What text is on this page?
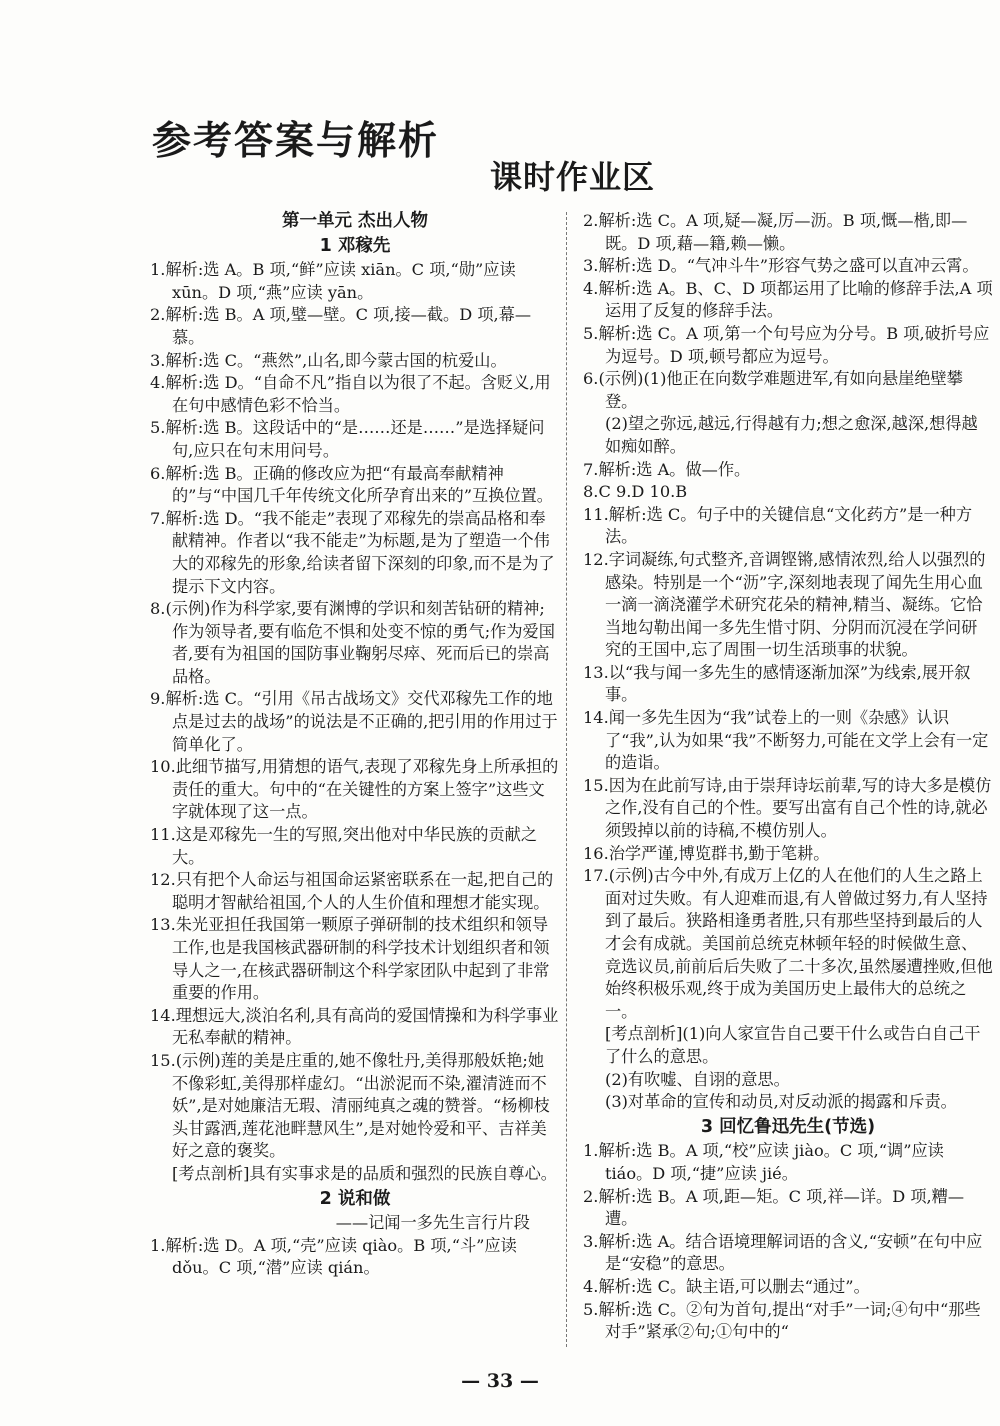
参考答案与解析
课时作业区
第一单元 杰出人物
1 邓稼先
1.解析:选 A。B 项,“鲜”应读 xiān。C 项,“勋”应读 xūn。D 项,“燕”应读 yān。
2.解析:选 B。A 项,璧—壁。C 项,接—截。D 项,幕—慕。
3.解析:选 C。“燕然”,山名,即今蒙古国的杭爱山。
4.解析:选 D。“自命不凡”指自以为很了不起。含贬义,用在句中感情色彩不恰当。
5.解析:选 B。这段话中的“是……还是……”是选择疑问句,应只在句末用问号。
6.解析:选 B。正确的修改应为把“有最高奉献精神的”与“中国几千年传统文化所孕育出来的”互换位置。
7.解析:选 D。“我不能走”表现了邓稼先的崇高品格和奉献精神。作者以“我不能走”为标题,是为了塑造一个伟大的邓稼先的形象,给读者留下深刻的印象,而不是为了提示下文内容。
8.(示例)作为科学家,要有渊博的学识和刻苦钻研的精神;作为领导者,要有临危不惧和处变不惊的勇气;作为爱国者,要有为祖国的国防事业鞠躬尽瘁、死而后已的崇高品格。
9.解析:选 C。“引用《吊古战场文》交代邓稼先工作的地点是过去的战场”的说法是不正确的,把引用的作用过于简单化了。
10.此细节描写,用猜想的语气,表现了邓稼先身上所承担的责任的重大。句中的“在关键性的方案上签字”这些文字就体现了这一点。
11.这是邓稼先一生的写照,突出他对中华民族的贡献之大。
12.只有把个人命运与祖国命运紧密联系在一起,把自己的聪明才智献给祖国,个人的人生价值和理想才能实现。
13.朱光亚担任我国第一颗原子弹研制的技术组织和领导工作,也是我国核武器研制的科学技术计划组织者和领导人之一,在核武器研制这个科学家团队中起到了非常重要的作用。
14.理想远大,淡泊名利,具有高尚的爱国情操和为科学事业无私奉献的精神。
15.(示例)莲的美是庄重的,她不像牡丹,美得那般妖艳;她不像彩虹,美得那样虚幻。“出淤泥而不染,濯清涟而不妖”,是对她廉洁无瑕、清丽纯真之魂的赞誉。“杨柳枝头甘露洒,莲花池畔慧风生”,是对她怜爱和平、吉祥美好之意的褒奖。
[考点剖析]具有实事求是的品质和强烈的民族自尊心。
2 说和做
——记闻一多先生言行片段
1.解析:选 D。A 项,“壳”应读 qiào。B 项,“斗”应读 dǒu。C 项,“潜”应读 qián。
2.解析:选 C。A 项,疑—凝,厉—沥。B 项,慨—楷,即—既。D 项,藉—籍,赖—懒。
3.解析:选 D。“气冲斗牛”形容气势之盛可以直冲云霄。
4.解析:选 A。B、C、D 项都运用了比喻的修辞手法,A 项运用了反复的修辞手法。
5.解析:选 C。A 项,第一个句号应为分号。B 项,破折号应为逗号。D 项,顿号都应为逗号。
6.(示例)(1)他正在向数学难题进军,有如向悬崖绝壁攀登。
(2)望之弥远,越远,行得越有力;想之愈深,越深,想得越如痴如醉。
7.解析:选 A。做—作。
8.C 9.D 10.B
11.解析:选 C。句子中的关键信息“文化药方”是一种方法。
12.字词凝练,句式整齐,音调铿锵,感情浓烈,给人以强烈的感染。特别是一个“沥”字,深刻地表现了闻先生用心血一滴一滴浇灌学术研究花朵的精神,精当、凝练。它恰当地勾勒出闻一多先生惜寸阴、分阴而沉浸在学问研究的王国中,忘了周围一切生活琐事的状貌。
13.以“我与闻一多先生的感情逐渐加深”为线索,展开叙事。
14.闻一多先生因为“我”试卷上的一则《杂感》认识了“我”,认为如果“我”不断努力,可能在文学上会有一定的造诣。
15.因为在此前写诗,由于崇拜诗坛前辈,写的诗大多是模仿之作,没有自己的个性。要写出富有自己个性的诗,就必须毁掉以前的诗稿,不模仿别人。
16.治学严谨,博览群书,勤于笔耕。
17.(示例)古今中外,有成万上亿的人在他们的人生之路上面对过失败。有人迎难而退,有人曾做过努力,有人坚持到了最后。狭路相逢勇者胜,只有那些坚持到最后的人才会有成就。美国前总统克林顿年轻的时候做生意、竞选议员,前前后后失败了二十多次,虽然屡遭挫败,但他始终积极乐观,终于成为美国历史上最伟大的总统之一。
[考点剖析](1)向人家宣告自己要干什么或告白自己干了什么的意思。
(2)有吹嘘、自诩的意思。
(3)对革命的宣传和动员,对反动派的揭露和斥责。
3 回忆鲁迅先生(节选)
1.解析:选 B。A 项,“校”应读 jiào。C 项,“调”应读 tiáo。D 项,“捷”应读 jié。
2.解析:选 B。A 项,距—矩。C 项,祥—详。D 项,糟—遭。
3.解析:选 A。结合语境理解词语的含义,“安顿”在句中应是“安稳”的意思。
4.解析:选 C。缺主语,可以删去“通过”。
5.解析:选 C。②句为首句,提出“对手”一词;④句中“那些对手”紧承②句;①句中的“
— 33 —
